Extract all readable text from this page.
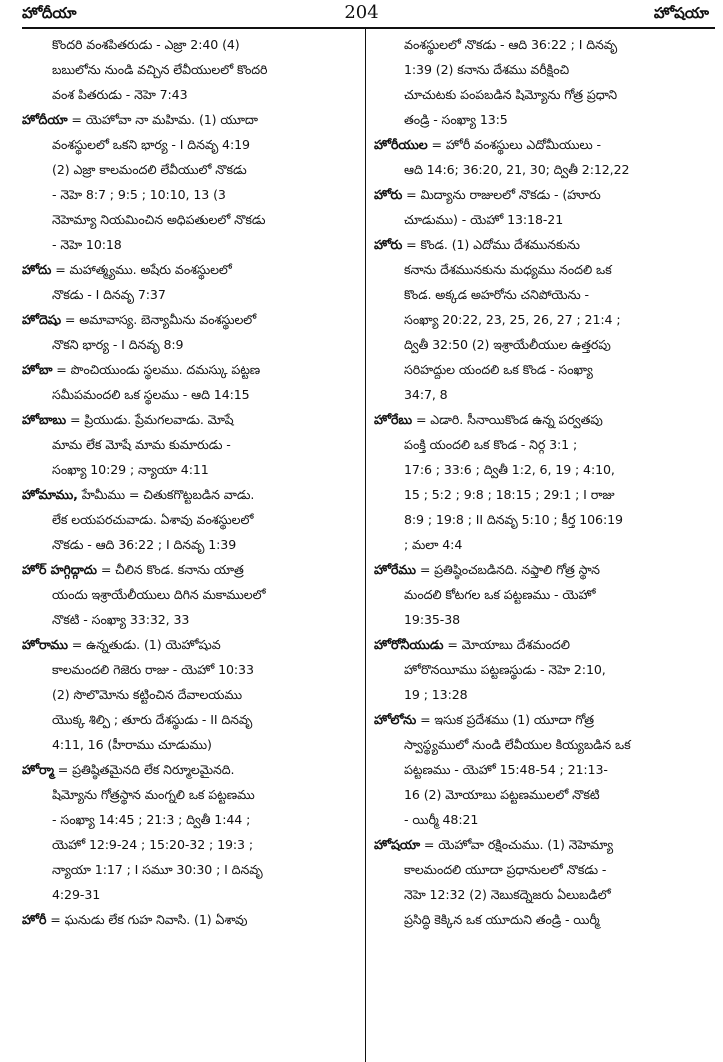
హోదీయా	204	హోషయా
కొందరి వంశపితరుడు - ఎజ్రా 2:40 (4)
బబులోను నుండి వచ్చిన లేవీయులలో కొందరి
వంశ పితరుడు - నెహె 7:43
హోదీయా = యెహోవా నా మహిమ. (1) యూదా
వంశస్థులలో ఒకని భార్య - I దినవృ 4:19
(2) ఎజ్రా కాలమందలి లేవీయులో నొకడు
- నెహె 8:7 ; 9:5 ; 10:10, 13 (3
నెహెమ్యా నియమించిన అధిపతులలో నొకడు
- నెహె 10:18
హోదు = మహాత్మ్యము. అషేరు వంశస్థులలో
నొకడు - I దినవృ 7:37
హోదెషు = అమావాస్య. బెన్యామీను వంశస్థులలో
నొకని భార్య - I దినవృ 8:9
హోబా = పొంచియుండు స్థలము. దమస్కు పట్టణ
సమీపమందలి ఒక స్థలము - ఆది 14:15
హోబాబు = ప్రియుడు. ప్రేమగలవాడు. మోషే
మామ లేక మోషే మామ కుమారుడు -
సంఖ్యా 10:29 ; న్యాయా 4:11
హోమాము, హేమీము = చితుకగొట్టబడిన వాడు.
లేక లయపరచువాడు. ఏశావు వంశస్థులలో
నొకడు - ఆది 36:22 ; I దినవృ 1:39
హోర్ హగ్గిద్గాదు = చీలిన కొండ. కనాను యాత్ర
యందు ఇశ్రాయేలీయులు దిగిన మకాములలో
నొకటి - సంఖ్యా 33:32, 33
హోరాము = ఉన్నతుడు. (1) యెహోషువ
కాలమందలి గెజెరు రాజు - యెహో 10:33
(2) సొలొమోను కట్టించిన దేవాలయము
యొక్క శిల్పి ; తూరు దేశస్థుడు - II దినవృ
4:11, 16 (హీరాము చూడుము)
హోర్మా = ప్రతిష్ఠితమైనది లేక నిర్మూలమైనది.
షిమ్యోను గోత్రస్థాన మంగ్నలి ఒక పట్టణము
- సంఖ్యా 14:45 ; 21:3 ; ద్వితీ 1:44 ;
యెహో 12:9-24 ; 15:20-32 ; 19:3 ;
న్యాయా 1:17 ; I సమూ 30:30 ; I దినవృ
4:29-31
హోరీ = ఘనుడు లేక గుహ నివాసి. (1) ఏశావు
వంశస్థులలో నొకడు - ఆది 36:22 ; I దినవృ
1:39 (2) కనాను దేశము వరీక్షించి
చూచుటకు పంపబడిన షిమ్యోను గోత్ర ప్రధాని
తండ్రి - సంఖ్యా 13:5
హోరీయుల = హోరీ వంశస్థులు ఎదోమీయులు -
ఆది 14:6; 36:20, 21, 30; ద్వితీ 2:12,22
హోరు = మిద్యాను రాజులలో నొకడు - (హూరు
చూడుము) - యెహో 13:18-21
హోరు = కొండ. (1) ఎదోము దేశమునకును
కనాను దేశమునకును మధ్యము నందలి ఒక
కొండ. అక్కడ అహరోను చనిపోయెను -
సంఖ్యా 20:22, 23, 25, 26, 27 ; 21:4 ;
ద్వితీ 32:50 (2) ఇశ్రాయేలీయుల ఉత్తరపు
సరిహద్దుల యందలి ఒక కొండ - సంఖ్యా
34:7, 8
హోరేబు = ఎడారి. సీనాయికొండ ఉన్న పర్వతపు
పంక్తి యందలి ఒక కొండ - నిర్గ 3:1 ;
17:6 ; 33:6 ; ద్వితీ 1:2, 6, 19 ; 4:10,
15 ; 5:2 ; 9:8 ; 18:15 ; 29:1 ; I రాజు
8:9 ; 19:8 ; II దినవృ 5:10 ; కీర్త 106:19
; మలా 4:4
హోరేము = ప్రతిష్ఠించబడినది. నఫ్తాలి గోత్ర స్థాన
మందలి కోటగల ఒక పట్టణము - యెహో
19:35-38
హోరోనీయుడు = మోయాబు దేశమందలి
హోరొనయీము పట్టణస్థుడు - నెహె 2:10,
19 ; 13:28
హోలోను = ఇసుక ప్రదేశము (1) యూదా గోత్ర
స్వాస్థ్యములో నుండి లేవీయుల కియ్యబడిన ఒక
పట్టణము - యెహో 15:48-54 ; 21:13-
16 (2) మోయాబు పట్టణములలో నొకటి
- యిర్మీ 48:21
హోషయా = యెహోవా రక్షించుము. (1) నెహెమ్యా
కాలమందలి యూదా ప్రధానులలో నొకడు -
నెహె 12:32 (2) నెబుకద్నెజరు ఏలుబడిలో
ప్రసిద్ధి కెక్కిన ఒక యూదుని తండ్రి - యిర్మీ
